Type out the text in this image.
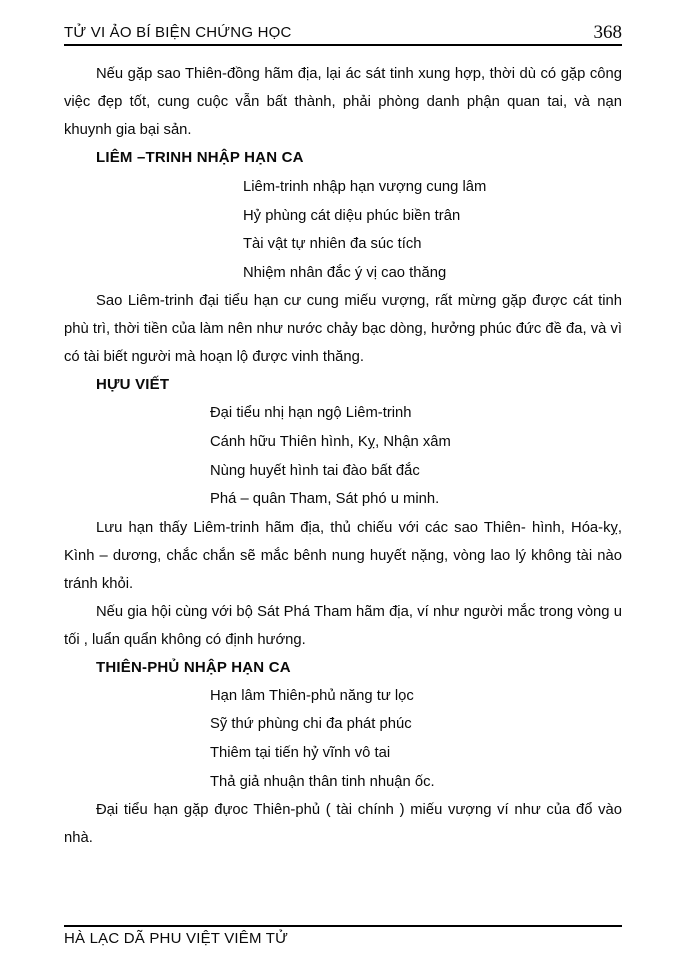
TỬ VI ẢO BÍ BIỆN CHỨNG HỌC	368

Nếu gặp sao Thiên-đồng hãm địa, lại ác sát tinh xung hợp, thời dù có gặp công việc đẹp tốt, cung cuộc vẫn bất thành, phải phòng danh phận quan tai, và nạn khuynh gia bại sản.

LIÊM –TRINH NHẬP HẠN CA
Liêm-trinh nhập hạn vượng cung lâm
Hỷ phùng cát diệu phúc biền trân
Tài vật tự nhiên đa súc tích
Nhiệm nhân đắc ý vị cao thăng

Sao Liêm-trinh đại tiểu hạn cư cung miếu vượng, rất mừng gặp được cát tinh phù trì, thời tiền của làm nên như nước chảy bạc dòng, hưởng phúc đức đề đa, và vì có tài biết người mà hoạn lộ được vinh thăng.

HỰU VIẾT
Đại tiểu nhị hạn ngộ Liêm-trinh
Cánh hữu Thiên hình, Kỵ, Nhận xâm
Nùng huyết hình tai đào bất đắc
Phá – quân Tham, Sát phó u minh.

Lưu hạn thấy Liêm-trinh hãm địa, thủ chiếu với các sao Thiên- hình, Hóa-kỵ, Kình – dương, chắc chắn sẽ mắc bênh nung huyết nặng, vòng lao lý không tài nào tránh khỏi.

Nếu gia hội cùng với bộ Sát Phá Tham hãm địa, ví như người mắc trong vòng u tối , luẩn quẩn không có định hướng.

THIÊN-PHỦ NHẬP HẠN CA
Hạn lâm Thiên-phủ năng tư lọc
Sỹ thứ phùng chi đa phát phúc
Thiêm tại tiến hỷ vĩnh vô tai
Thả giả nhuận thân tinh nhuận ốc.

Đại tiểu hạn gặp đựoc Thiên-phủ ( tài chính ) miếu vượng ví như của đổ vào nhà.

HÀ LẠC DÃ PHU VIỆT VIÊM TỬ
